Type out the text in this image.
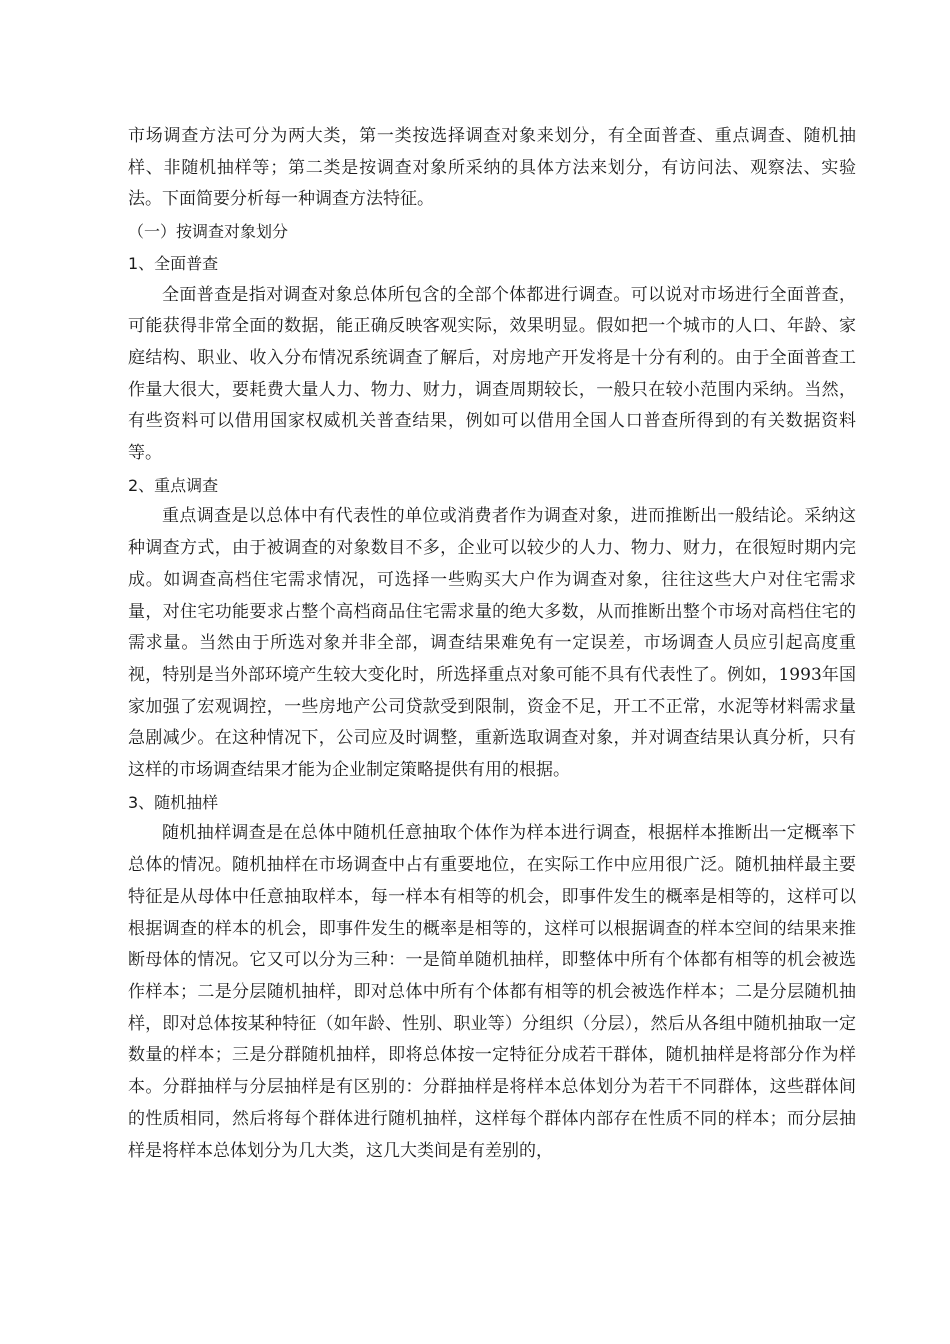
市场调查方法可分为两大类，第一类按选择调查对象来划分，有全面普查、重点调查、随机抽样、非随机抽样等；第二类是按调查对象所采纳的具体方法来划分，有访问法、观察法、实验法。下面简要分析每一种调查方法特征。

（一）按调查对象划分
1、全面普查

全面普查是指对调查对象总体所包含的全部个体都进行调查。可以说对市场进行全面普查，可能获得非常全面的数据，能正确反映客观实际，效果明显。假如把一个城市的人口、年龄、家庭结构、职业、收入分布情况系统调查了解后，对房地产开发将是十分有利的。由于全面普查工作量大很大，要耗费大量人力、物力、财力，调查周期较长，一般只在较小范围内采纳。当然，有些资料可以借用国家权威机关普查结果，例如可以借用全国人口普查所得到的有关数据资料等。

2、重点调查

重点调查是以总体中有代表性的单位或消费者作为调查对象，进而推断出一般结论。采纳这种调查方式，由于被调查的对象数目不多，企业可以较少的人力、物力、财力，在很短时期内完成。如调查高档住宅需求情况，可选择一些购买大户作为调查对象，往往这些大户对住宅需求量，对住宅功能要求占整个高档商品住宅需求量的绝大多数，从而推断出整个市场对高档住宅的需求量。当然由于所选对象并非全部，调查结果难免有一定误差，市场调查人员应引起高度重视，特别是当外部环境产生较大变化时，所选择重点对象可能不具有代表性了。例如，1993年国家加强了宏观调控，一些房地产公司贷款受到限制，资金不足，开工不正常，水泥等材料需求量急剧减少。在这种情况下，公司应及时调整，重新选取调查对象，并对调查结果认真分析，只有这样的市场调查结果才能为企业制定策略提供有用的根据。

3、随机抽样

随机抽样调查是在总体中随机任意抽取个体作为样本进行调查，根据样本推断出一定概率下总体的情况。随机抽样在市场调查中占有重要地位，在实际工作中应用很广泛。随机抽样最主要特征是从母体中任意抽取样本，每一样本有相等的机会，即事件发生的概率是相等的，这样可以根据调查的样本的机会，即事件发生的概率是相等的，这样可以根据调查的样本空间的结果来推断母体的情况。它又可以分为三种：一是简单随机抽样，即整体中所有个体都有相等的机会被选作样本；二是分层随机抽样，即对总体中所有个体都有相等的机会被选作样本；二是分层随机抽样，即对总体按某种特征（如年龄、性别、职业等）分组织（分层），然后从各组中随机抽取一定数量的样本；三是分群随机抽样，即将总体按一定特征分成若干群体，随机抽样是将部分作为样本。分群抽样与分层抽样是有区别的：分群抽样是将样本总体划分为若干不同群体，这些群体间的性质相同，然后将每个群体进行随机抽样，这样每个群体内部存在性质不同的样本；而分层抽样是将样本总体划分为几大类，这几大类间是有差别的，
